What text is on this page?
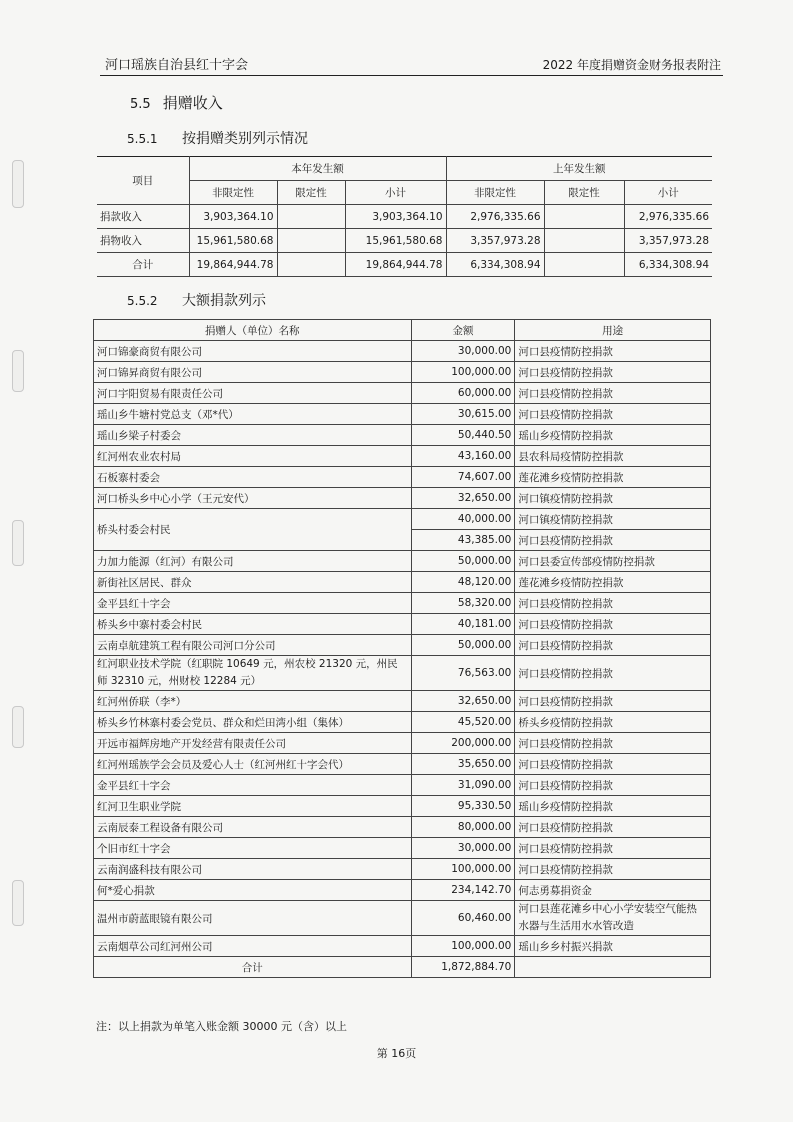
河口瑶族自治县红十字会	2022 年度捐赠资金财务报表附注
5.5 捐赠收入
5.5.1 按捐赠类别列示情况
项目	本年发生额			上年发生额		
	非限定性	限定性	小计	非限定性	限定性	小计
捐款收入	3,903,364.10		3,903,364.10	2,976,335.66		2,976,335.66
捐物收入	15,961,580.68		15,961,580.68	3,357,973.28		3,357,973.28
合计	19,864,944.78		19,864,944.78	6,334,308.94		6,334,308.94
5.5.2 大额捐款列示
捐赠人（单位）名称	金额	用途
河口锦豪商贸有限公司	30,000.00	河口县疫情防控捐款
河口锦昇商贸有限公司	100,000.00	河口县疫情防控捐款
河口宇阳贸易有限责任公司	60,000.00	河口县疫情防控捐款
瑶山乡牛塘村党总支（邓*代）	30,615.00	河口县疫情防控捐款
瑶山乡梁子村委会	50,440.50	瑶山乡疫情防控捐款
红河州农业农村局	43,160.00	县农科局疫情防控捐款
石板寨村委会	74,607.00	莲花滩乡疫情防控捐款
河口桥头乡中心小学（王元安代）	32,650.00	河口镇疫情防控捐款
桥头村委会村民	40,000.00	河口镇疫情防控捐款
	43,385.00	河口县疫情防控捐款
力加力能源（红河）有限公司	50,000.00	河口县委宣传部疫情防控捐款
新街社区居民、群众	48,120.00	莲花滩乡疫情防控捐款
金平县红十字会	58,320.00	河口县疫情防控捐款
桥头乡中寨村委会村民	40,181.00	河口县疫情防控捐款
云南卓航建筑工程有限公司河口分公司	50,000.00	河口县疫情防控捐款
红河职业技术学院（红职院 10649 元，州农校 21320 元，州民师 32310 元，州财校 12284 元）	76,563.00	河口县疫情防控捐款
红河州侨联（李*）	32,650.00	河口县疫情防控捐款
桥头乡竹林寨村委会党员、群众和烂田湾小组（集体）	45,520.00	桥头乡疫情防控捐款
开远市福辉房地产开发经营有限责任公司	200,000.00	河口县疫情防控捐款
红河州瑶族学会会员及爱心人士（红河州红十字会代）	35,650.00	河口县疫情防控捐款
金平县红十字会	31,090.00	河口县疫情防控捐款
红河卫生职业学院	95,330.50	瑶山乡疫情防控捐款
云南辰泰工程设备有限公司	80,000.00	河口县疫情防控捐款
个旧市红十字会	30,000.00	河口县疫情防控捐款
云南润盛科技有限公司	100,000.00	河口县疫情防控捐款
何*爱心捐款	234,142.70	何志勇募捐资金
温州市蔚蓝眼镜有限公司	60,460.00	河口县莲花滩乡中心小学安装空气能热水器与生活用水水管改造
云南烟草公司红河州公司	100,000.00	瑶山乡乡村振兴捐款
合计	1,872,884.70	
注：以上捐款为单笔入账金额 30000 元（含）以上
第 16页
